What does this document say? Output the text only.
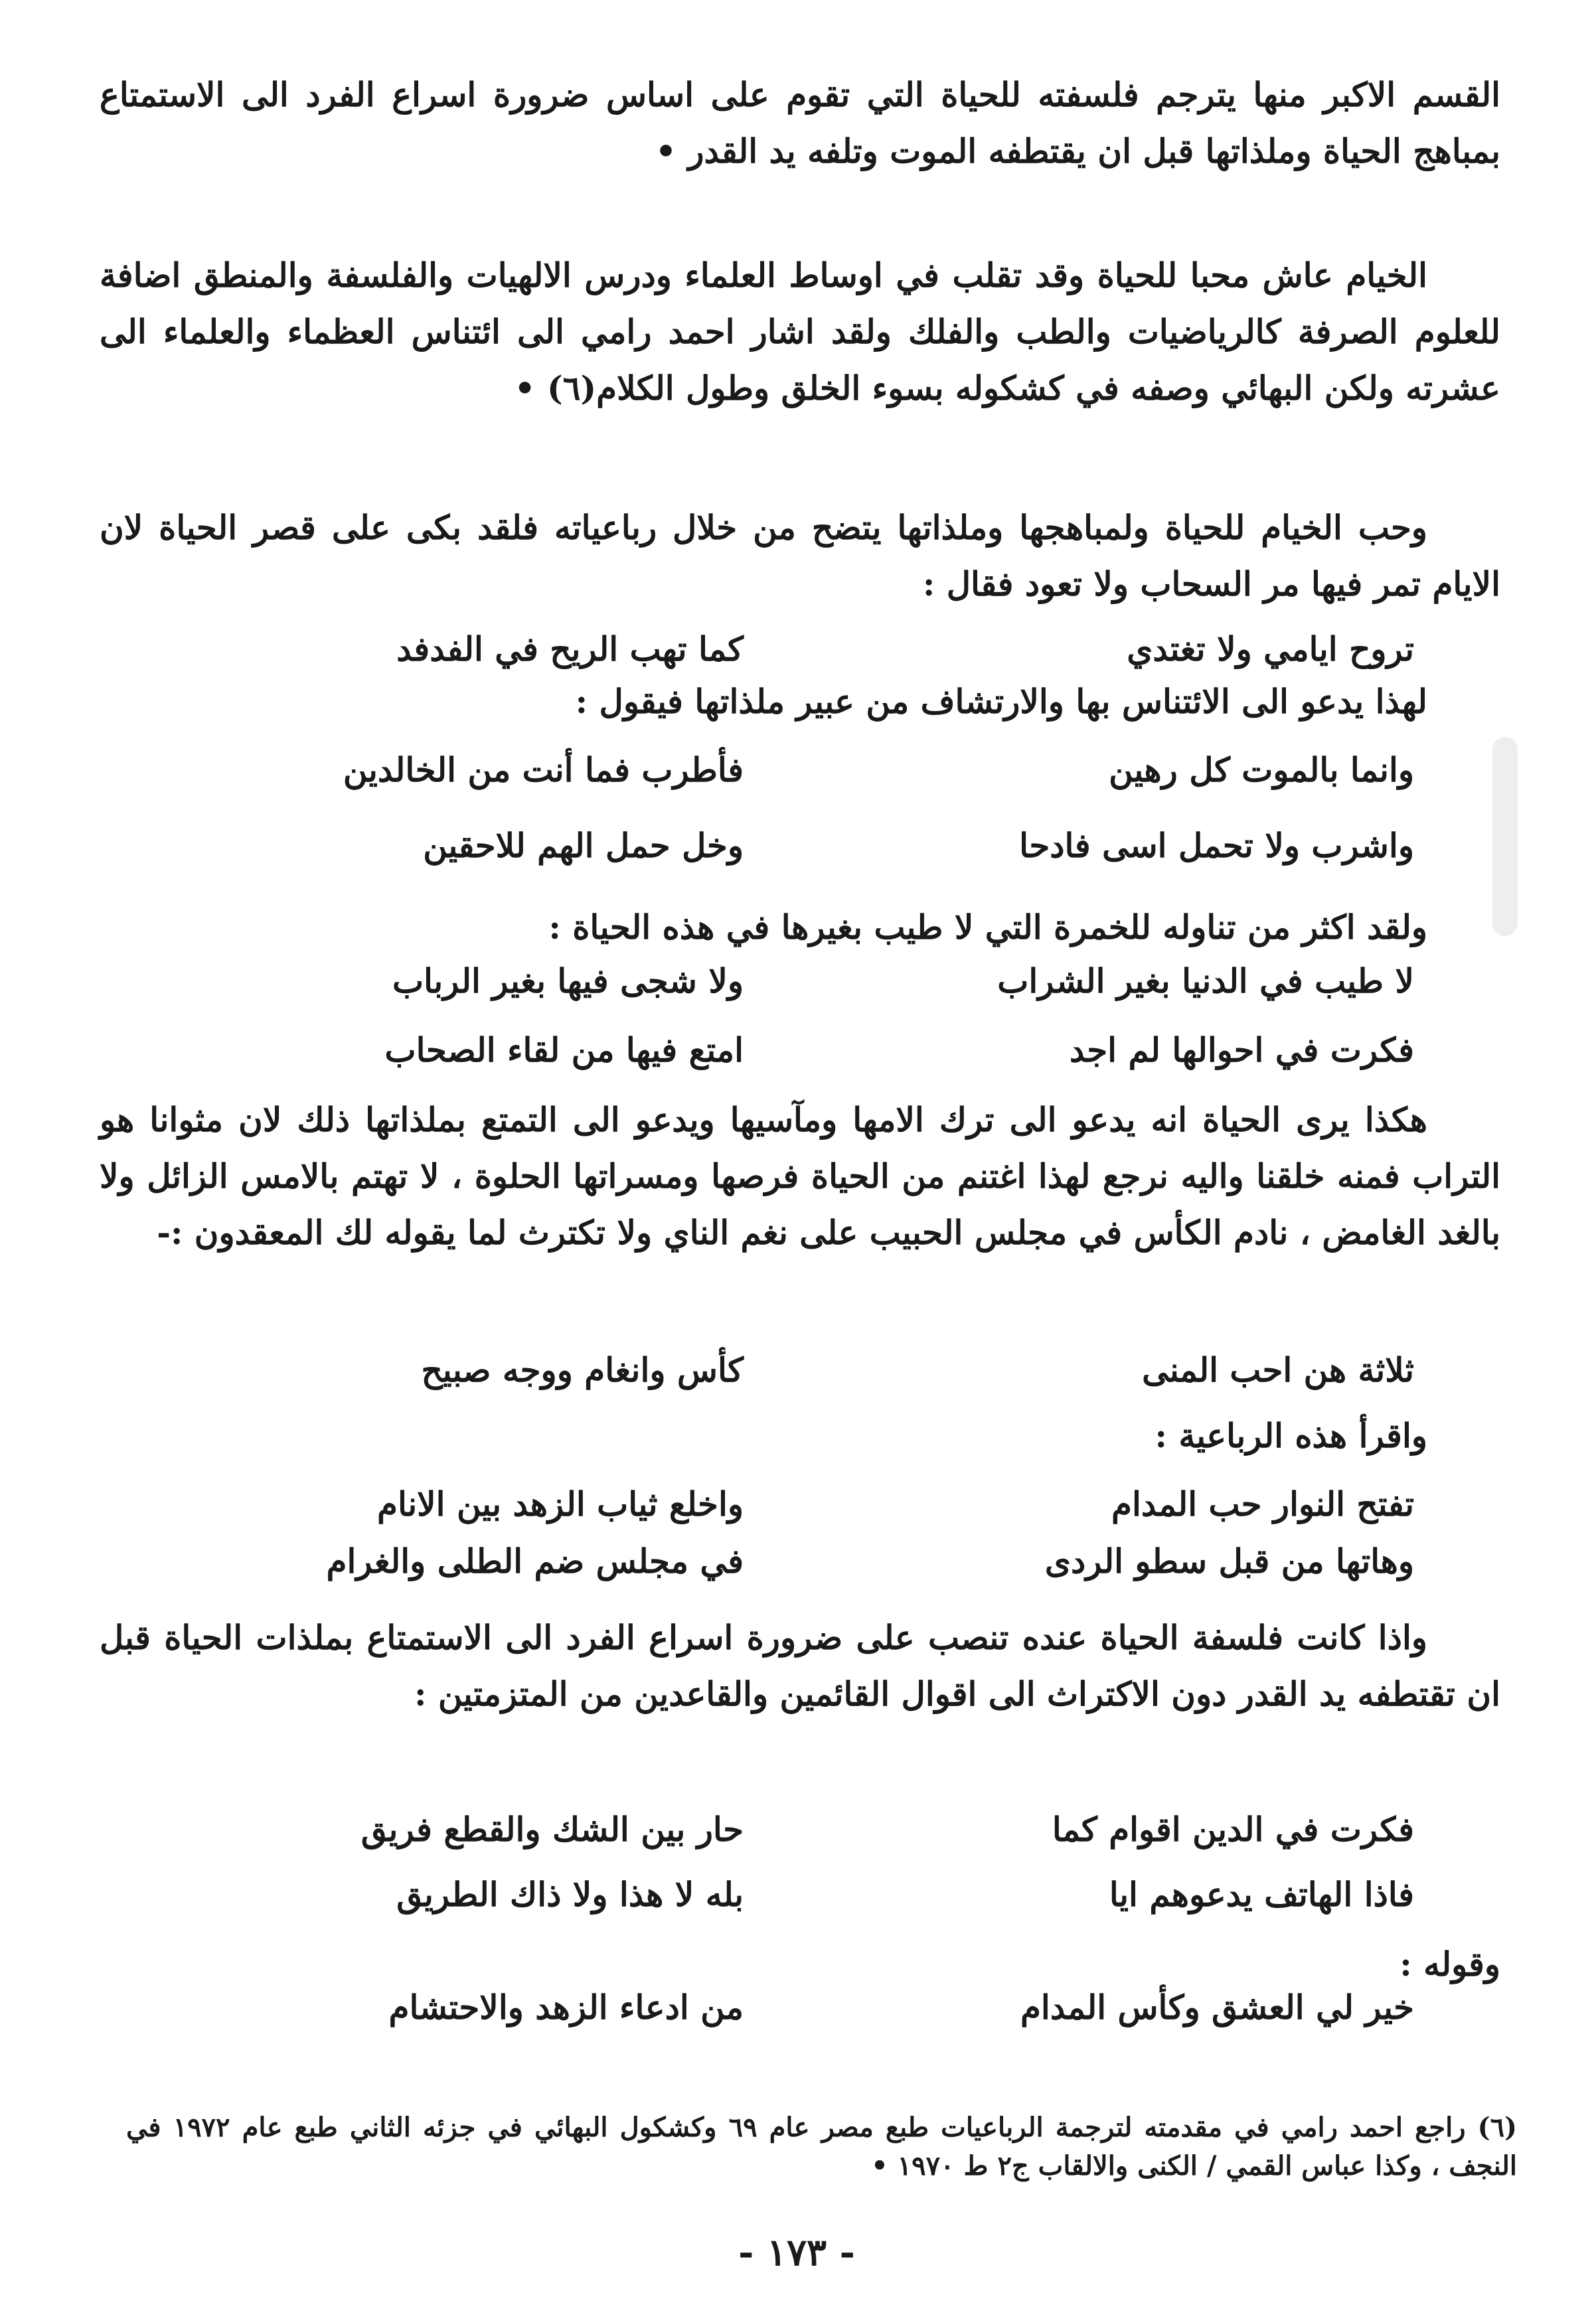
القسم الاكبر منها يترجم فلسفته للحياة التي تقوم على اساس ضرورة اسراع الفرد الى الاستمتاع بمباهج الحياة وملذاتها قبل ان يقتطفه الموت وتلفه يد القدر •

الخيام عاش محبا للحياة وقد تقلب في اوساط العلماء ودرس الالهيات والفلسفة والمنطق اضافة للعلوم الصرفة كالرياضيات والطب والفلك ولقد اشار احمد رامي الى ائتناس العظماء والعلماء الى عشرته ولكن البهائي وصفه في كشكوله بسوء الخلق وطول الكلام(٦) •

وحب الخيام للحياة ولمباهجها وملذاتها يتضح من خلال رباعياته فلقد بكى على قصر الحياة لان الايام تمر فيها مر السحاب ولا تعود فقال :

تروح ايامي ولا تغتدي
كما تهب الريح في الفدفد

لهذا يدعو الى الائتناس بها والارتشاف من عبير ملذاتها فيقول :

وانما بالموت كل رهين
فأطرب فما أنت من الخالدين
واشرب ولا تحمل اسى فادحا
وخل حمل الهم للاحقين

ولقد اكثر من تناوله للخمرة التي لا طيب بغيرها في هذه الحياة :

لا طيب في الدنيا بغير الشراب
ولا شجى فيها بغير الرباب
فكرت في احوالها لم اجد
امتع فيها من لقاء الصحاب

هكذا يرى الحياة انه يدعو الى ترك الامها ومآسيها ويدعو الى التمتع بملذاتها ذلك لان مثوانا هو التراب فمنه خلقنا واليه نرجع لهذا اغتنم من الحياة فرصها ومسراتها الحلوة ، لا تهتم بالامس الزائل ولا بالغد الغامض ، نادم الكأس في مجلس الحبيب على نغم الناي ولا تكترث لما يقوله لك المعقدون :-

ثلاثة هن احب المنى
كأس وانغام ووجه صبيح

واقرأ هذه الرباعية :

تفتح النوار حب المدام
واخلع ثياب الزهد بين الانام
وهاتها من قبل سطو الردى
في مجلس ضم الطلى والغرام

واذا كانت فلسفة الحياة عنده تنصب على ضرورة اسراع الفرد الى الاستمتاع بملذات الحياة قبل ان تقتطفه يد القدر دون الاكتراث الى اقوال القائمين والقاعدين من المتزمتين :

فكرت في الدين اقوام كما
حار بين الشك والقطع فريق
فاذا الهاتف يدعوهم ايا
بله لا هذا ولا ذاك الطريق

وقوله :

خير لي العشق وكأس المدام
من ادعاء الزهد والاحتشام
(٦) راجع احمد رامي في مقدمته لترجمة الرباعيات طبع مصر عام ٦٩ وكشكول البهائي في جزئه الثاني طبع عام ١٩٧٢ في النجف ، وكذا عباس القمي / الكنى والالقاب ج٢ ط ١٩٧٠ •
- ١٧٣ -
